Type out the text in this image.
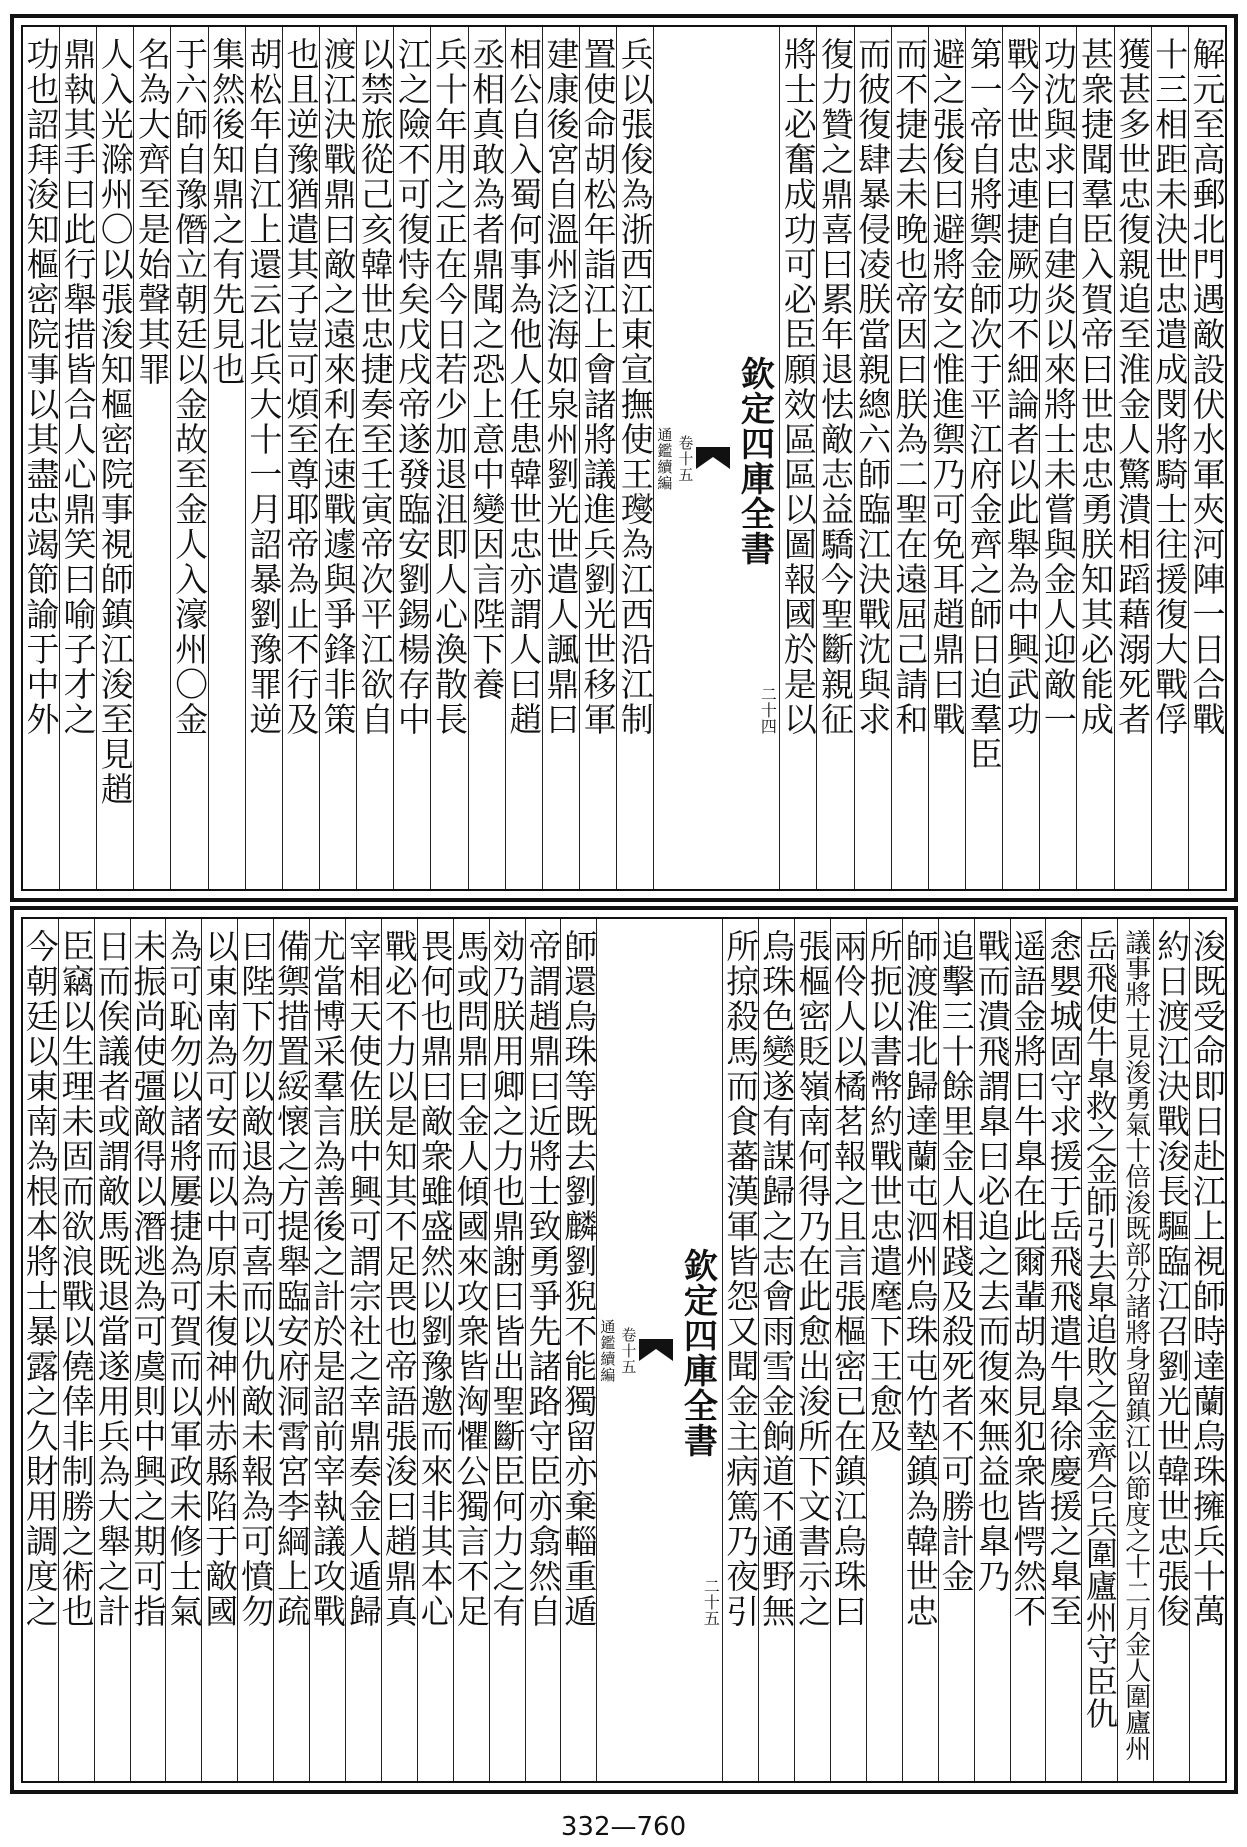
解元至高郵北門遇敵設伏水軍夾河陣一日合戰
十三相距未決世忠遣成閔將騎士往援復大戰俘
獲甚多世忠復親追至淮金人驚潰相蹈藉溺死者
甚衆捷聞羣臣入賀帝曰世忠忠勇朕知其必能成
功沈與求曰自建炎以來將士未嘗與金人迎敵一
戰今世忠連捷厥功不細論者以此舉為中興武功
第一帝自將禦金師次于平江府金齊之師日迫羣臣
避之張俊曰避將安之惟進禦乃可免耳趙鼎曰戰
而不捷去未晚也帝因曰朕為二聖在遠屈己請和
而彼復肆暴侵凌朕當親總六師臨江決戰沈與求
復力贊之鼎喜曰累年退怯敵志益驕今聖斷親征
將士必奮成功可必臣願效區區以圖報國於是以
欽定四庫全書
卷十五
通鑑續編
二十四
兵以張俊為浙西江東宣撫使王𤫉為江西沿江制
置使命胡松年詣江上會諸將議進兵劉光世移軍
建康後宮自溫州泛海如泉州劉光世遣人諷鼎曰
相公自入蜀何事為他人任患韓世忠亦謂人曰趙
丞相真敢為者鼎聞之恐上意中變因言陛下養
兵十年用之正在今日若少加退沮即人心渙散長
江之險不可復恃矣戊戌帝遂發臨安劉錫楊存中
以禁旅從己亥韓世忠捷奏至壬寅帝次平江欲自
渡江決戰鼎曰敵之遠來利在速戰遽與爭鋒非策
也且逆豫猶遣其子豈可煩至尊耶帝為止不行及
胡松年自江上還云北兵大十一月詔暴劉豫罪逆
集然後知鼎之有先見也
于六師自豫僭立朝廷以金故至金人入濠州〇金
名為大齊至是始聲其罪
人入光滁州〇以張浚知樞密院事視師鎮江浚至見趙
鼎執其手曰此行舉措皆合人心鼎笑曰喻子才之
功也詔拜浚知樞密院事以其盡忠竭節諭于中外
浚既受命即日赴江上視師時達蘭烏珠擁兵十萬
約日渡江決戰浚長驅臨江召劉光世韓世忠張俊
議事將士見浚勇氣十倍浚既部分諸將身留鎮江以節度之十二月金人圍廬州
岳飛使牛臯救之金師引去臯追敗之金齊合兵圍廬州守臣仇
悆嬰城固守求援于岳飛飛遣牛臯徐慶援之臯至
遥語金將曰牛臯在此爾輩胡為見犯衆皆愕然不
戰而潰飛謂臯曰必追之去而復來無益也臯乃
追擊三十餘里金人相踐及殺死者不可勝計金
師渡淮北歸達蘭屯泗州烏珠屯竹墊鎮為韓世忠
所扼以書幣約戰世忠遣麾下王愈及
兩伶人以橘茗報之且言張樞密已在鎮江烏珠曰
張樞密貶嶺南何得乃在此愈出浚所下文書示之
烏珠色變遂有謀歸之志會雨雪金餉道不通野無
所掠殺馬而食蕃漢軍皆怨又聞金主病篤乃夜引
欽定四庫全書
卷十五
通鑑續編
二十五
師還烏珠等既去劉麟劉猊不能獨留亦棄輜重遁
帝謂趙鼎曰近將士致勇爭先諸路守臣亦翕然自
効乃朕用卿之力也鼎謝曰皆出聖斷臣何力之有
馬或問鼎曰金人傾國來攻衆皆洶懼公獨言不足
畏何也鼎曰敵衆雖盛然以劉豫邀而來非其本心
戰必不力以是知其不足畏也帝語張浚曰趙鼎真
宰相天使佐朕中興可謂宗社之幸鼎奏金人遁歸
尤當博采羣言為善後之計於是詔前宰執議攻戰
備禦措置綏懷之方提舉臨安府洞霄宮李綱上疏
曰陛下勿以敵退為可喜而以仇敵未報為可憤勿
以東南為可安而以中原未復神州赤縣陷于敵國
為可恥勿以諸將屢捷為可賀而以軍政未修士氣
未振尚使彊敵得以潛逃為可虞則中興之期可指
日而俟議者或謂敵馬既退當遂用兵為大舉之計
臣竊以生理未固而欲浪戰以僥倖非制勝之術也
今朝廷以東南為根本將士暴露之久財用調度之
332—760
